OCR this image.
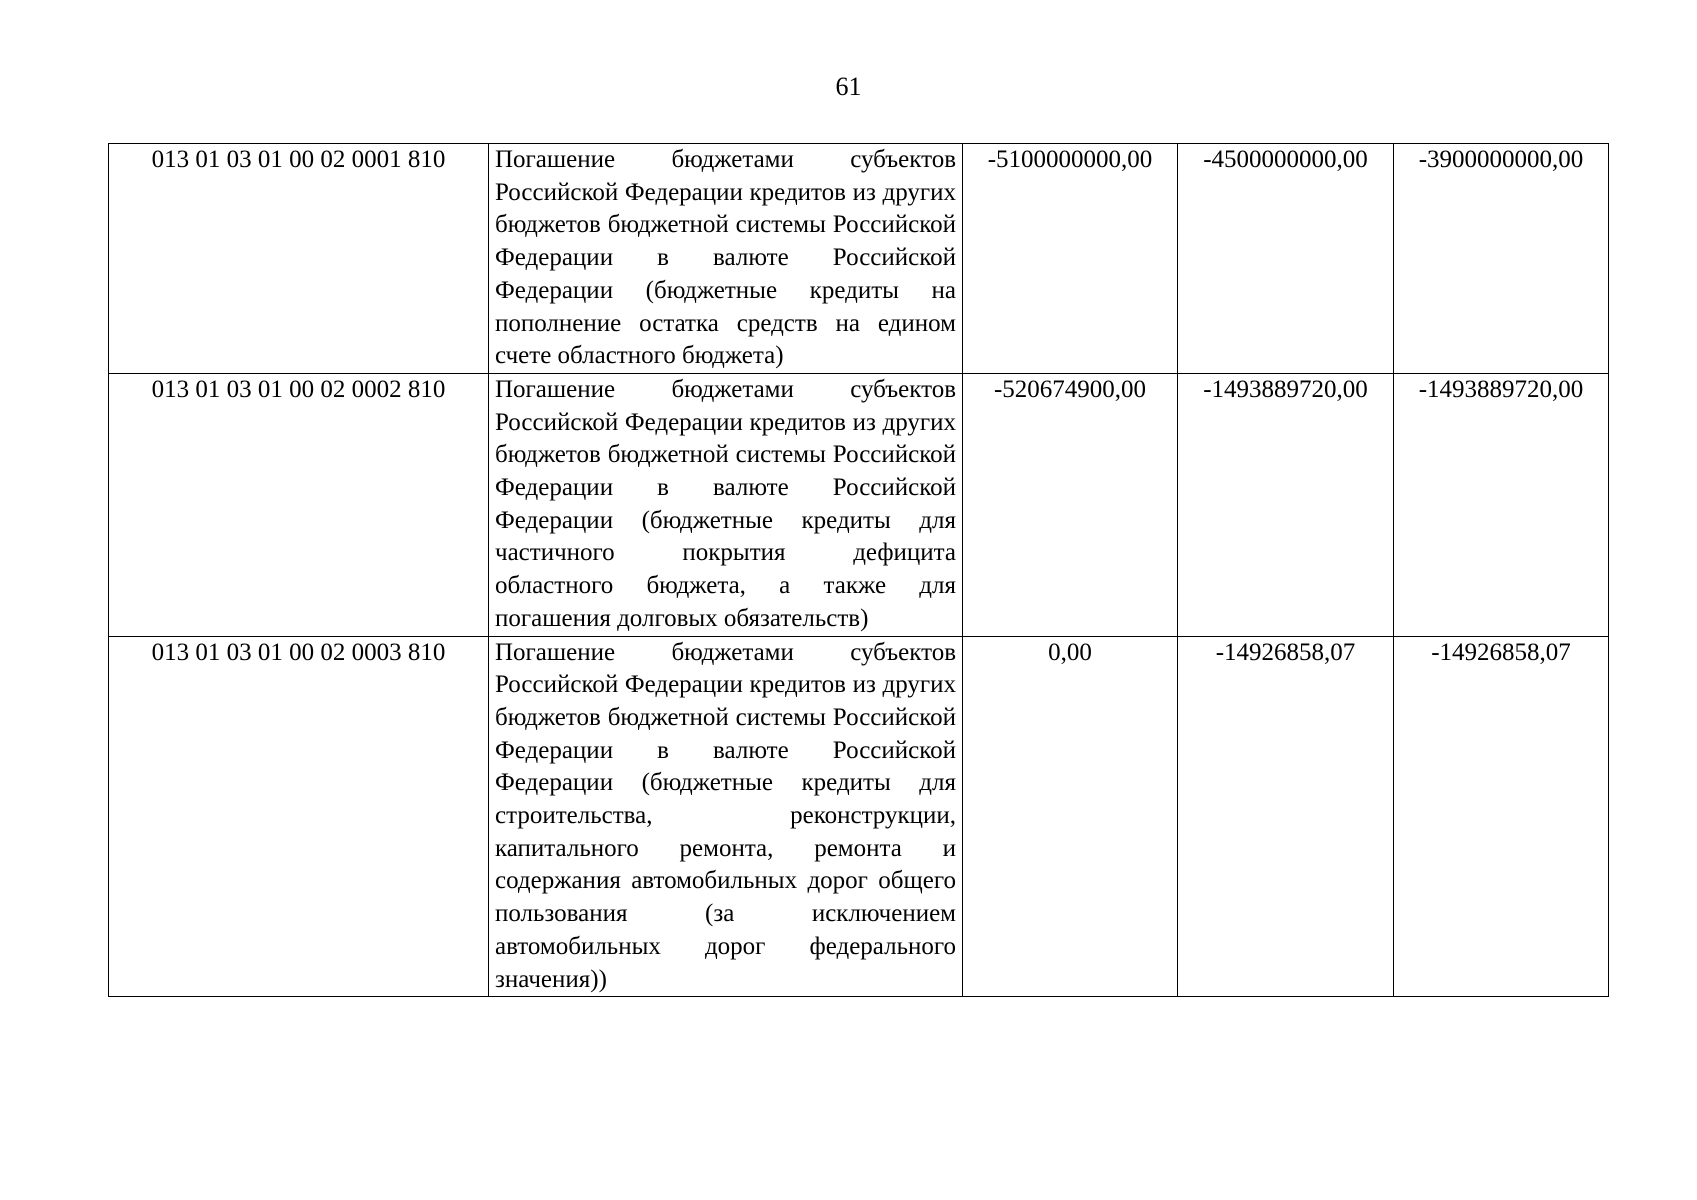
61
013 01 03 01 00 02 0001 810	Погашение бюджетами субъектов Российской Федерации кредитов из других бюджетов бюджетной системы Российской Федерации в валюте Российской Федерации (бюджетные кредиты на пополнение остатка средств на едином счете областного бюджета)	-5100000000,00	-4500000000,00	-3900000000,00
013 01 03 01 00 02 0002 810	Погашение бюджетами субъектов Российской Федерации кредитов из других бюджетов бюджетной системы Российской Федерации в валюте Российской Федерации (бюджетные кредиты для частичного покрытия дефицита областного бюджета, а также для погашения долговых обязательств)	-520674900,00	-1493889720,00	-1493889720,00
013 01 03 01 00 02 0003 810	Погашение бюджетами субъектов Российской Федерации кредитов из других бюджетов бюджетной системы Российской Федерации в валюте Российской Федерации (бюджетные кредиты для строительства, реконструкции, капитального ремонта, ремонта и содержания автомобильных дорог общего пользования (за исключением автомобильных дорог федерального значения))	0,00	-14926858,07	-14926858,07
